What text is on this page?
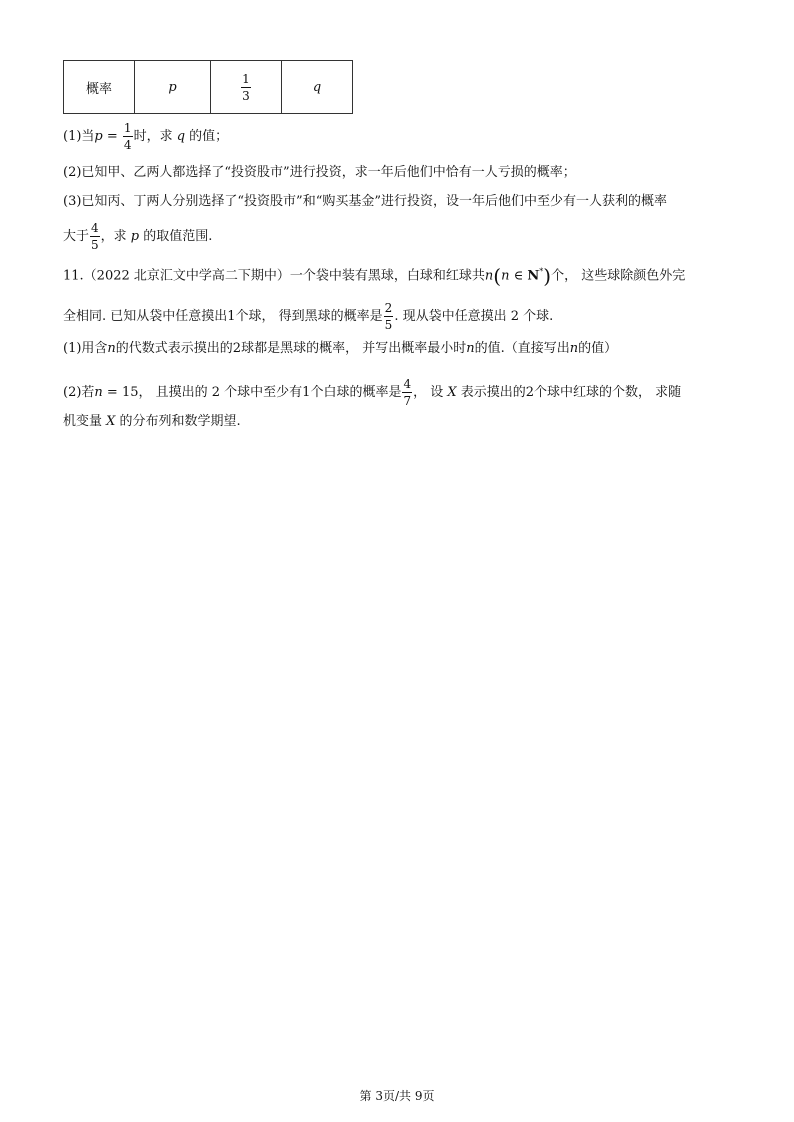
概率	p	$\frac{1}{3}$	q
(1)当$p = \frac{1}{4}$ 时，求 q 的值；
(2)已知甲、乙两人都选择了“投资股市”进行投资，求一年后他们中恰有一人亏损的概率；
(3)已知丙、丁两人分别选择了“投资股市”和“购买基金”进行投资，设一年后他们中至少有一人获利的概率
大于 $\frac{4}{5}$ ，求 p 的取值范围.
11.（2022 北京汇文中学高二下期中）一个袋中装有黑球，白球和红球共n(n ∈ N*)个， 这些球除颜色外完
全相同. 已知从袋中任意摸出1个球， 得到黑球的概率是 $\frac{2}{5}$ . 现从袋中任意摸出 2 个球.
(1)用含n的代数式表示摸出的2球都是黑球的概率， 并写出概率最小时n的值.（直接写出n的值）
(2)若n = 15， 且摸出的 2 个球中至少有1个白球的概率是 $\frac{4}{7}$ ， 设 X 表示摸出的2个球中红球的个数， 求随
机变量 X 的分布列和数学期望.
第 3页/共 9页
